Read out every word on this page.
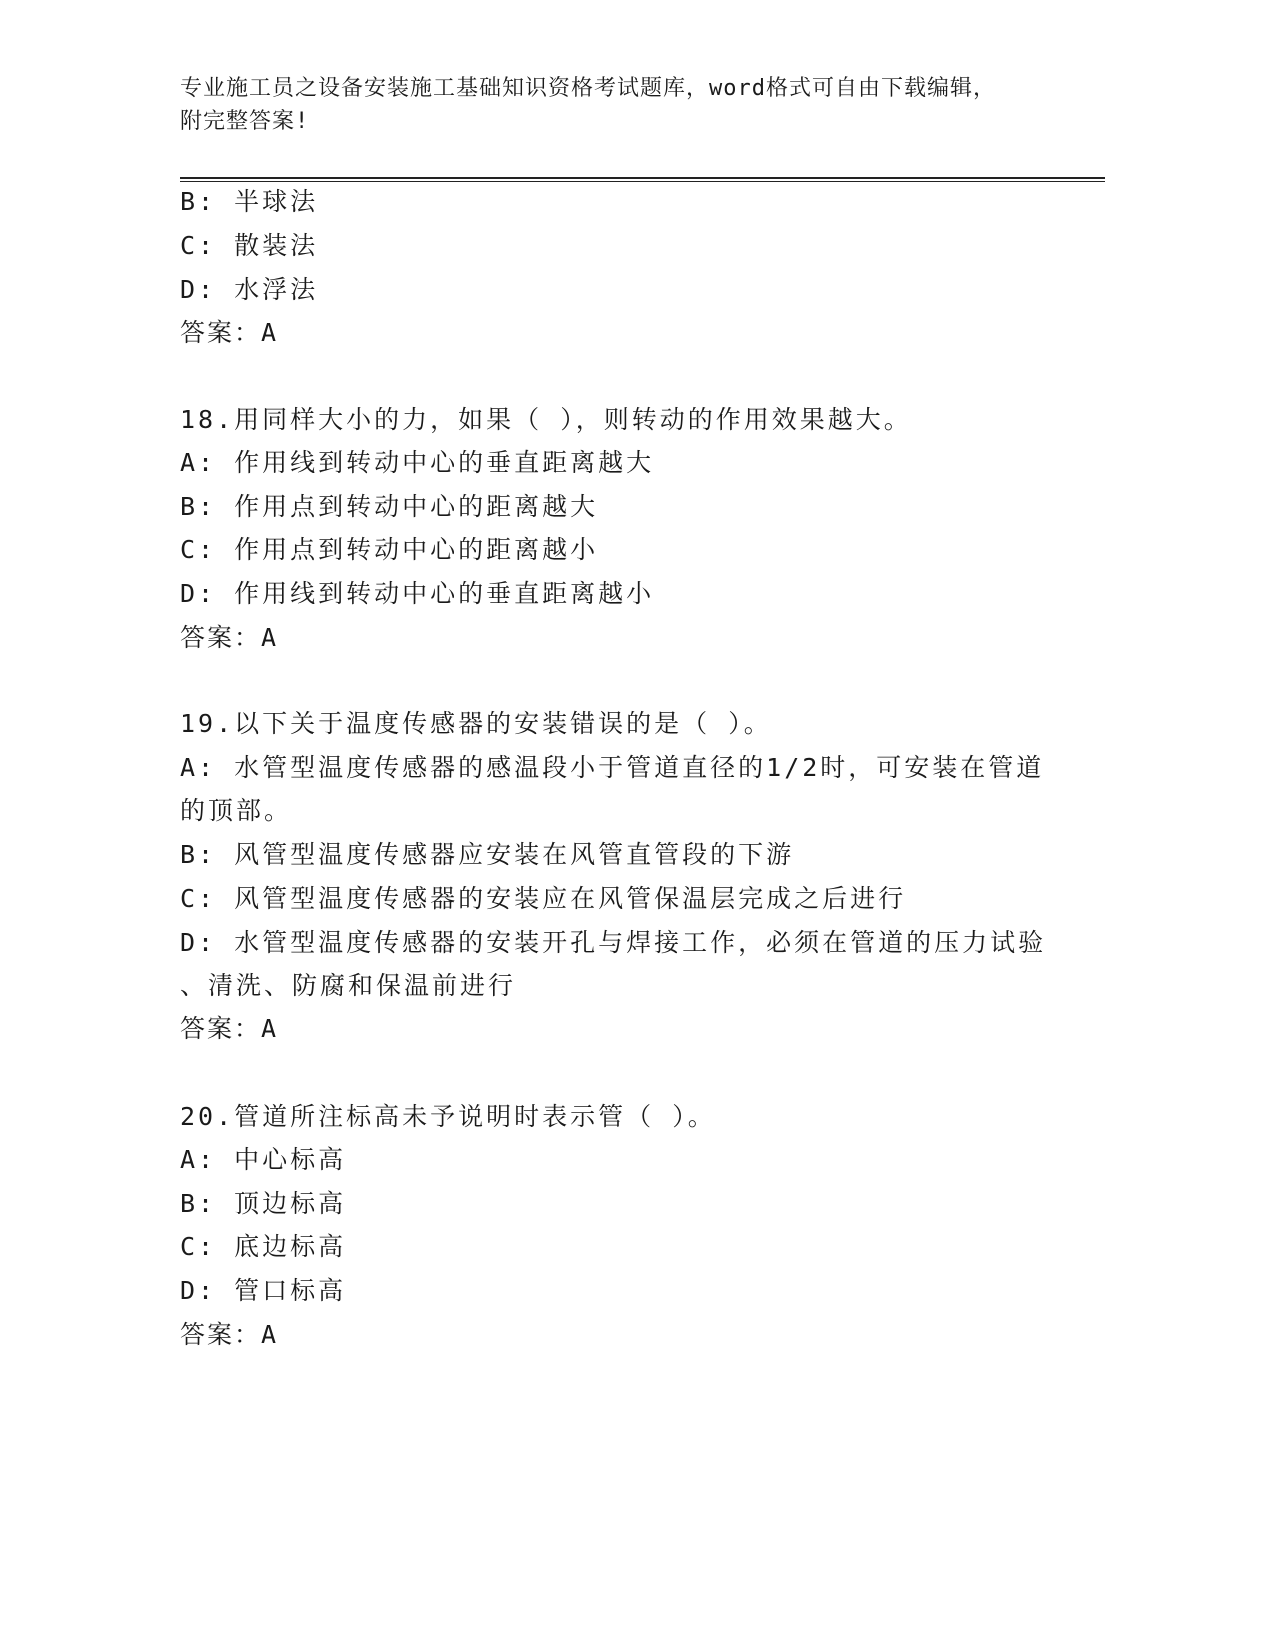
专业施工员之设备安装施工基础知识资格考试题库，word格式可自由下载编辑，
附完整答案!
B: 半球法
C: 散装法
D: 水浮法
答案：A
18.用同样大小的力，如果（ ），则转动的作用效果越大。
A: 作用线到转动中心的垂直距离越大
B: 作用点到转动中心的距离越大
C: 作用点到转动中心的距离越小
D: 作用线到转动中心的垂直距离越小
答案：A
19.以下关于温度传感器的安装错误的是（ ）。
A: 水管型温度传感器的感温段小于管道直径的1/2时，可安装在管道
的顶部。
B: 风管型温度传感器应安装在风管直管段的下游
C: 风管型温度传感器的安装应在风管保温层完成之后进行
D: 水管型温度传感器的安装开孔与焊接工作，必须在管道的压力试验
、清洗、防腐和保温前进行
答案：A
20.管道所注标高未予说明时表示管（ ）。
A: 中心标高
B: 顶边标高
C: 底边标高
D: 管口标高
答案：A
